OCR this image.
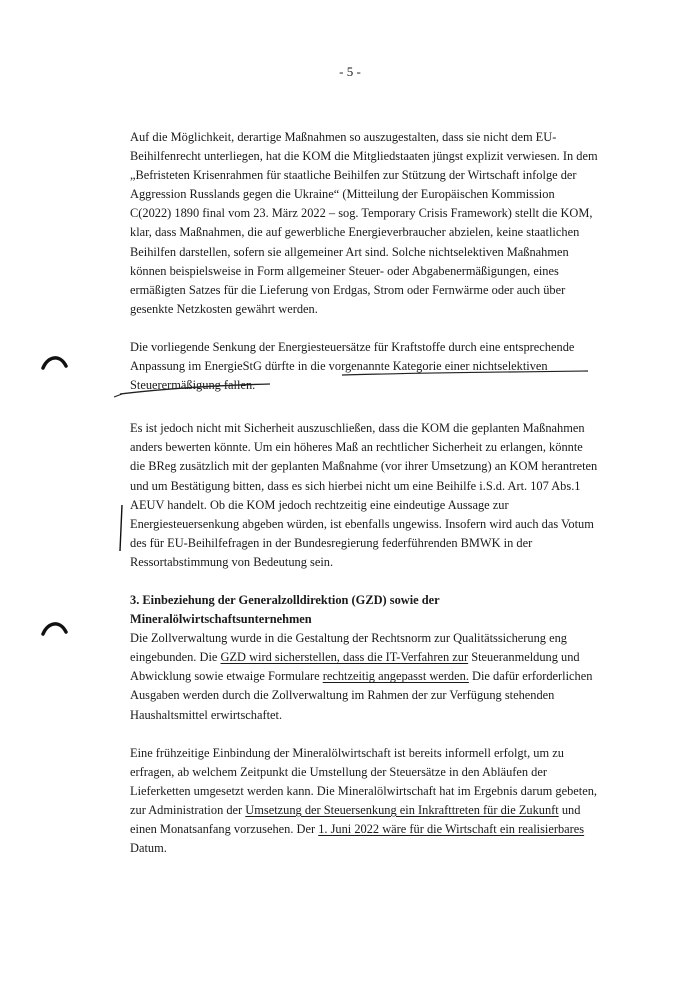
- 5 -

Auf die Möglichkeit, derartige Maßnahmen so auszugestalten, dass sie nicht dem EU-
Beihilfenrecht unterliegen, hat die KOM die Mitgliedstaaten jüngst explizit verwiesen. In dem
„Befristeten Krisenrahmen für staatliche Beihilfen zur Stützung der Wirtschaft infolge der
Aggression Russlands gegen die Ukraine“ (Mitteilung der Europäischen Kommission
C(2022) 1890 final vom 23. März 2022 – sog. Temporary Crisis Framework) stellt die KOM,
klar, dass Maßnahmen, die auf gewerbliche Energieverbraucher abzielen, keine staatlichen
Beihilfen darstellen, sofern sie allgemeiner Art sind. Solche nichtselektiven Maßnahmen
können beispielsweise in Form allgemeiner Steuer- oder Abgabenermäßigungen, eines
ermäßigten Satzes für die Lieferung von Erdgas, Strom oder Fernwärme oder auch über
gesenkte Netzkosten gewährt werden.

Die vorliegende Senkung der Energiesteuersätze für Kraftstoffe durch eine entsprechende
Anpassung im EnergieStG dürfte in die vorgenannte Kategorie einer nichtselektiven
Steuerermäßigung fallen.

Es ist jedoch nicht mit Sicherheit auszuschließen, dass die KOM die geplanten Maßnahmen
anders bewerten könnte. Um ein höheres Maß an rechtlicher Sicherheit zu erlangen, könnte
die BReg zusätzlich mit der geplanten Maßnahme (vor ihrer Umsetzung) an KOM herantreten
und um Bestätigung bitten, dass es sich hierbei nicht um eine Beihilfe i.S.d. Art. 107 Abs.1
AEUV handelt. Ob die KOM jedoch rechtzeitig eine eindeutige Aussage zur
Energiesteuersenkung abgeben würden, ist ebenfalls ungewiss. Insofern wird auch das Votum
des für EU-Beihilfefragen in der Bundesregierung federführenden BMWK in der
Ressortabstimmung von Bedeutung sein.

3. Einbeziehung der Generalzolldirektion (GZD) sowie der
Mineralölwirtschaftsunternehmen

Die Zollverwaltung wurde in die Gestaltung der Rechtsnorm zur Qualitätssicherung eng
eingebunden. Die GZD wird sicherstellen, dass die IT-Verfahren zur Steueranmeldung und
Abwicklung sowie etwaige Formulare rechtzeitig angepasst werden. Die dafür erforderlichen
Ausgaben werden durch die Zollverwaltung im Rahmen der zur Verfügung stehenden
Haushaltsmittel erwirtschaftet.

Eine frühzeitige Einbindung der Mineralölwirtschaft ist bereits informell erfolgt, um zu
erfragen, ab welchem Zeitpunkt die Umstellung der Steuersätze in den Abläufen der
Lieferketten umgesetzt werden kann. Die Mineralölwirtschaft hat im Ergebnis darum gebeten,
zur Administration der Umsetzung der Steuersenkung ein Inkrafttreten für die Zukunft und
einen Monatsanfang vorzusehen. Der 1. Juni 2022 wäre für die Wirtschaft ein realisierbares
Datum.
